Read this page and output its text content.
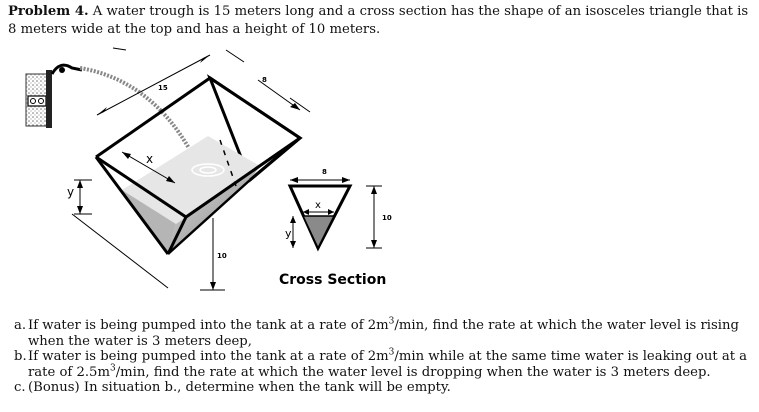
Problem 4. A water trough is 15 meters long and a cross section has the shape of an isosceles triangle that is 8 meters wide at the top and has a height of 10 meters.
15
8
x
y
10
8
x
y
10
Cross Section
a. If water is being pumped into the tank at a rate of $2m^3/\min$, find the rate at which the water level is rising when the water is 3 meters deep,
b. If water is being pumped into the tank at a rate of $2m^3/\min$ while at the same time water is leaking out at a rate of $2.5m^3/\min$, find the rate at which the water level is dropping when the water is 3 meters deep.
c. (Bonus) In situation b., determine when the tank will be empty.
